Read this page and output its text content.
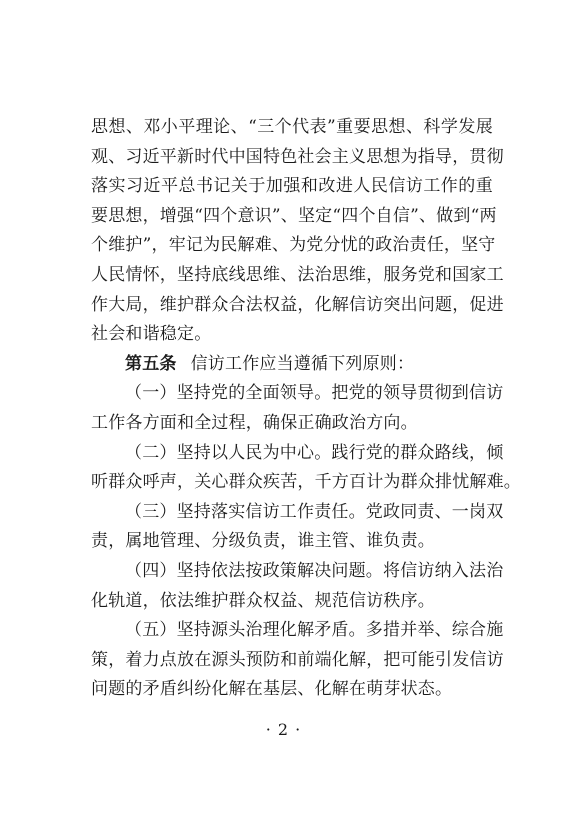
思想、邓小平理论、“三个代表”重要思想、科学发展
观、习近平新时代中国特色社会主义思想为指导，贯彻
落实习近平总书记关于加强和改进人民信访工作的重
要思想，增强“四个意识”、坚定“四个自信”、做到“两
个维护”，牢记为民解难、为党分忧的政治责任，坚守
人民情怀，坚持底线思维、法治思维，服务党和国家工
作大局，维护群众合法权益，化解信访突出问题，促进
社会和谐稳定。

第五条 信访工作应当遵循下列原则：

（一）坚持党的全面领导。把党的领导贯彻到信访
工作各方面和全过程，确保正确政治方向。

（二）坚持以人民为中心。践行党的群众路线，倾
听群众呼声，关心群众疾苦，千方百计为群众排忧解难。

（三）坚持落实信访工作责任。党政同责、一岗双
责，属地管理、分级负责，谁主管、谁负责。

（四）坚持依法按政策解决问题。将信访纳入法治
化轨道，依法维护群众权益、规范信访秩序。

（五）坚持源头治理化解矛盾。多措并举、综合施
策，着力点放在源头预防和前端化解，把可能引发信访
问题的矛盾纠纷化解在基层、化解在萌芽状态。

· 2 ·
